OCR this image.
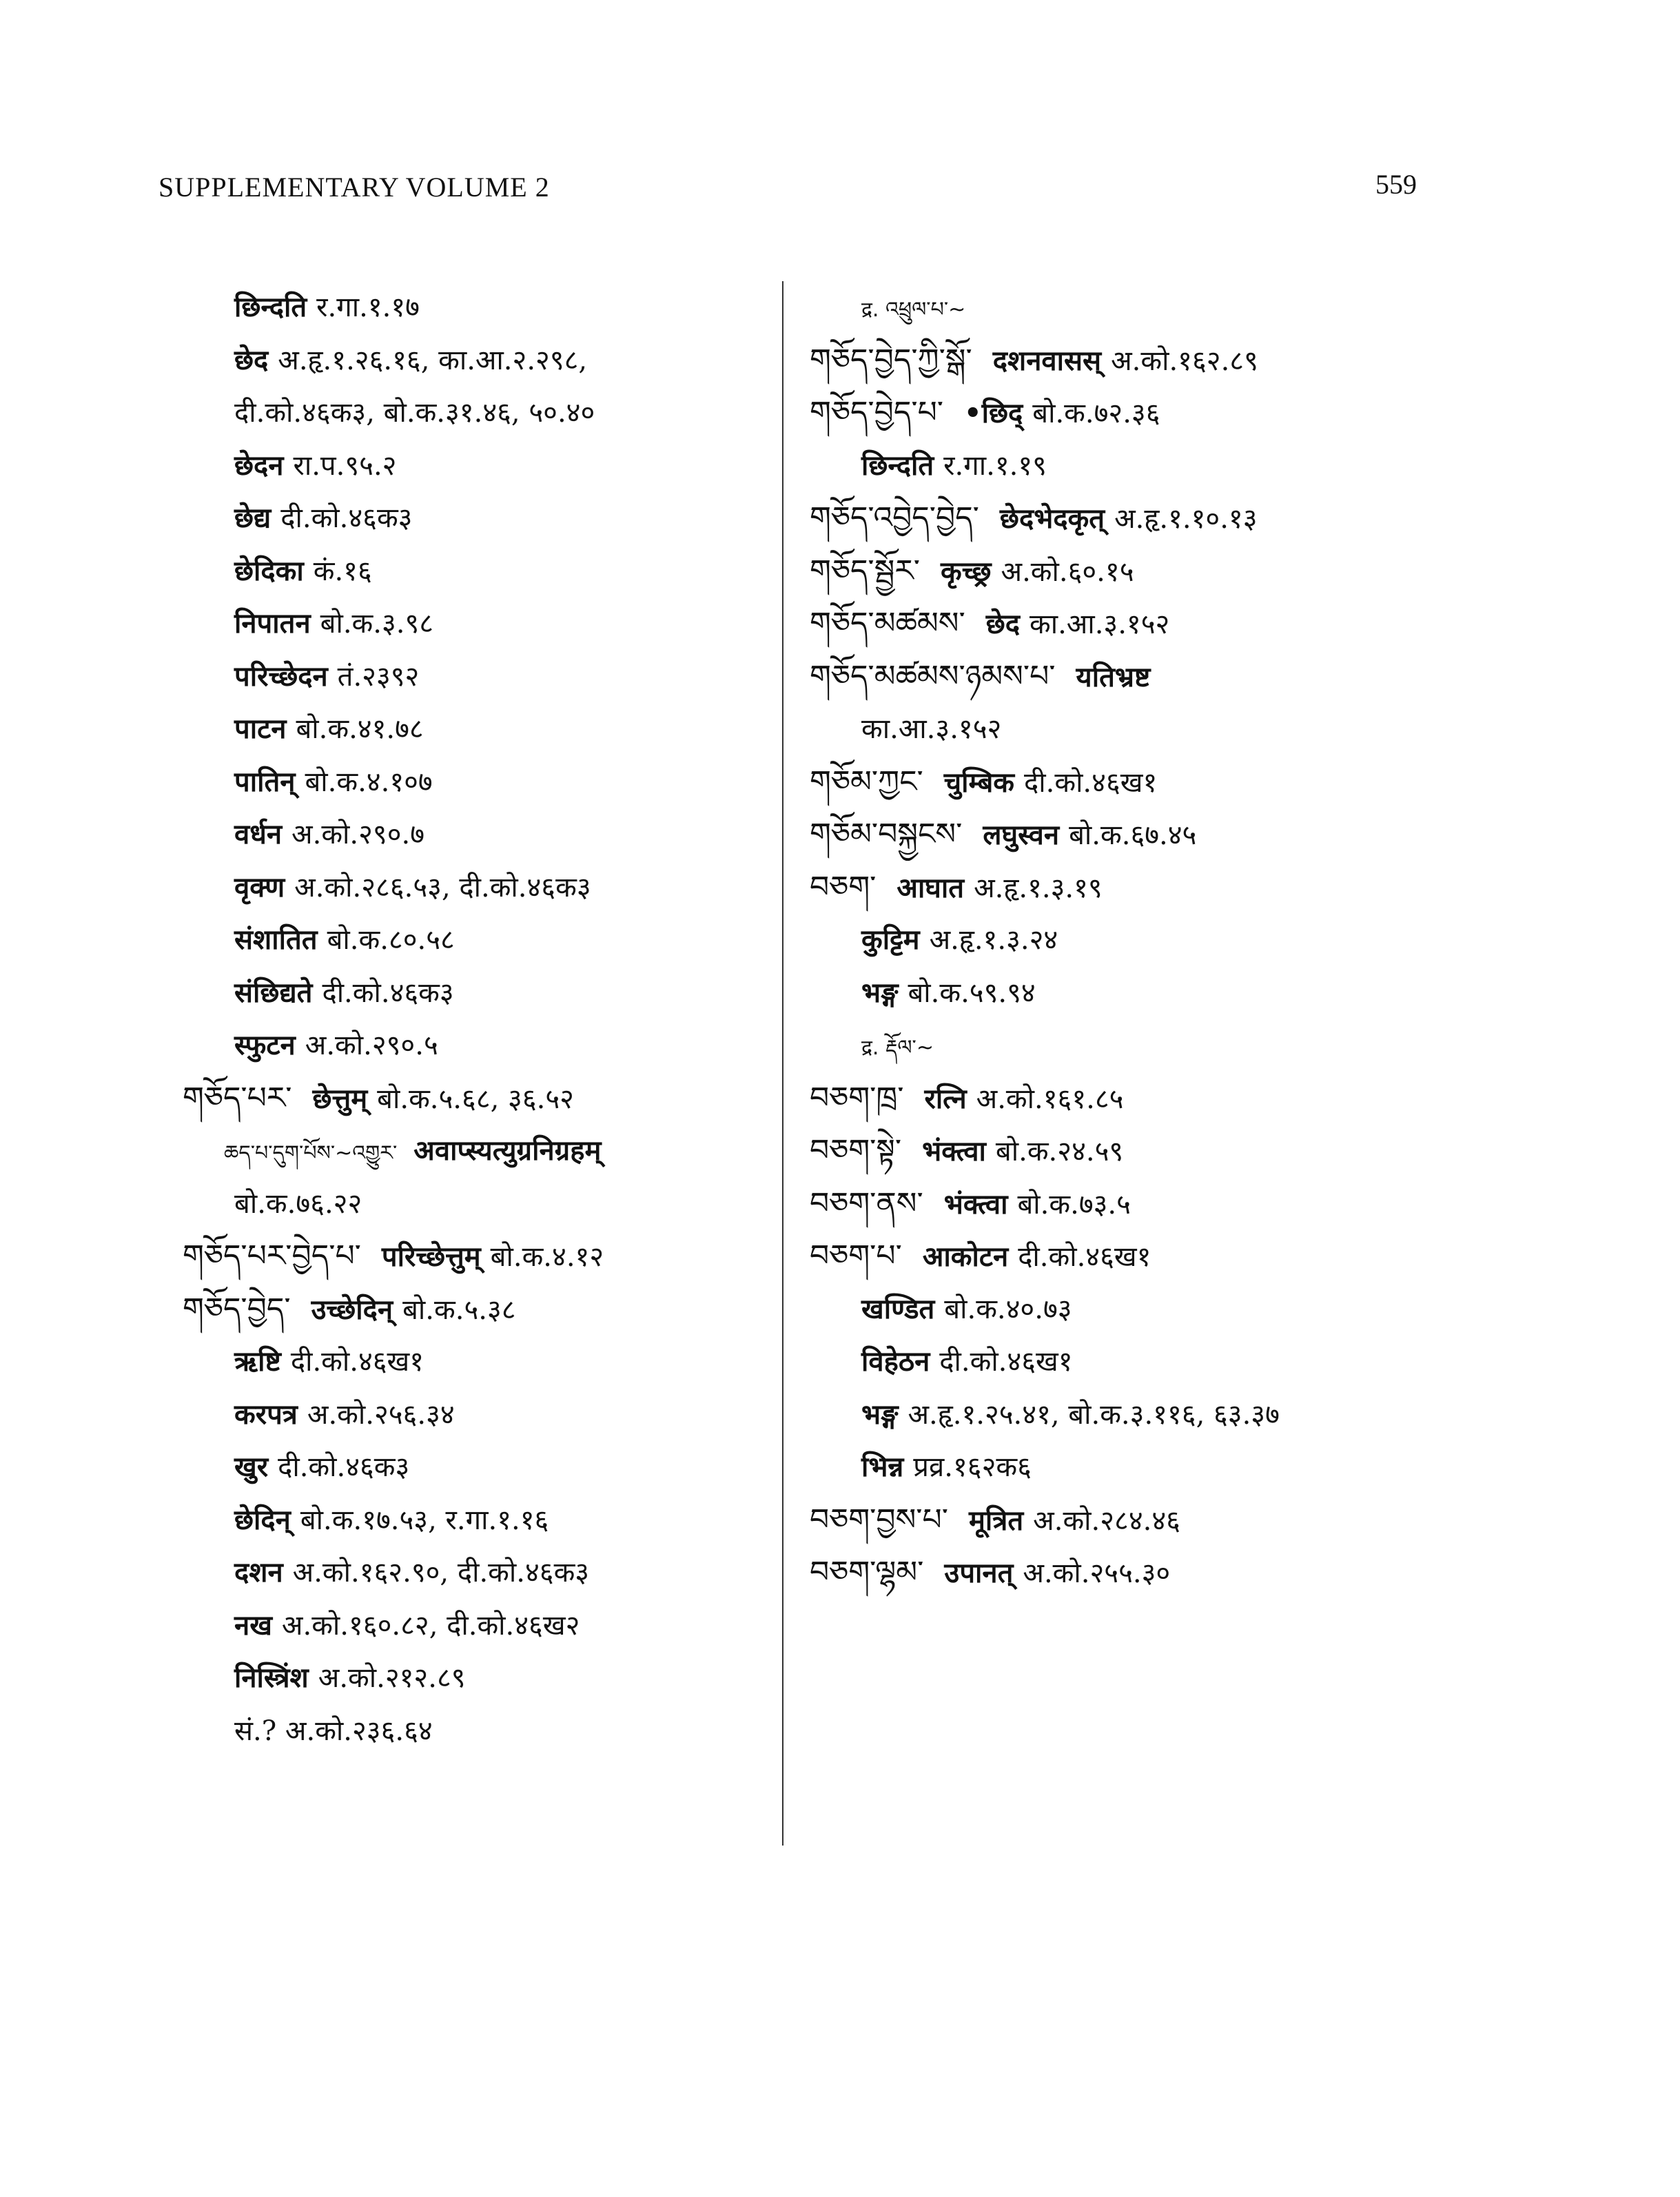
SUPPLEMENTARY VOLUME 2	559
छिन्दति र.गा.१.१७
छेद अ.हृ.१.२६.१६, का.आ.२.२९८,
दी.को.४६क३, बो.क.३१.४६, ५०.४०
छेदन रा.प.९५.२
छेद्य दी.को.४६क३
छेदिका कं.१६
निपातन बो.क.३.९८
परिच्छेदन तं.२३९२
पाटन बो.क.४१.७८
पातिन् बो.क.४.१०७
वर्धन अ.को.२९०.७
वृक्ण अ.को.२८६.५३, दी.को.४६क३
संशातित बो.क.८०.५८
संछिद्यते दी.को.४६क३
स्फुटन अ.को.२९०.५
གཅོད་པར་ छेत्तुम् बो.क.५.६८, ३६.५२
ཆད་པ་དུག་པོས་~འགྱུར་ अवाप्स्यत्युग्रनिग्रहम्
बो.क.७६.२२
གཅོད་པར་བྱེད་པ་ परिच्छेत्तुम् बो.क.४.१२
གཅོད་བྱེད་ उच्छेदिन् बो.क.५.३८
ऋष्टि दी.को.४६ख१
करपत्र अ.को.२५६.३४
खुर दी.को.४६क३
छेदिन् बो.क.१७.५३, र.गा.१.१६
दशन अ.को.१६२.९०, दी.को.४६क३
नख अ.को.१६०.८२, दी.को.४६ख२
निस्त्रिंश अ.को.२१२.८९
सं.? अ.को.२३६.६४
द्र. འཕྲུལ་པ་~
གཅོད་བྱེད་ཀྱི་སྒོ་ दशनवासस् अ.को.१६२.८९
གཅོད་བྱེད་པ་ •छिद् बो.क.७२.३६
छिन्दति र.गा.१.१९
གཅོད་འབྱེད་བྱེད་ छेदभेदकृत् अ.हृ.१.१०.१३
གཅོད་སྦྱོར་ कृच्छ्र अ.को.६०.१५
གཅོད་མཚམས་ छेद का.आ.३.१५२
གཅོད་མཚམས་ཉམས་པ་ यतिभ्रष्ट
का.आ.३.१५२
གཅོམ་ཀྱང་ चुम्बिक दी.को.४६ख१
གཅོམ་བསྐྱངས་ लघुस्वन बो.क.६७.४५
བཅག་ आघात अ.हृ.१.३.१९
कुट्टिम अ.हृ.१.३.२४
भङ्ग बो.क.५९.९४
द्र. རྡོལ་~
བཅག་ཁྲ་ रत्नि अ.को.१६१.८५
བཅག་སྟེ་ भंक्त्वा बो.क.२४.५९
བཅག་ནས་ भंक्त्वा बो.क.७३.५
བཅག་པ་ आकोटन दी.को.४६ख१
खण्डित बो.क.४०.७३
विहेठन दी.को.४६ख१
भङ्ग अ.हृ.१.२५.४१, बो.क.३.११६, ६३.३७
भिन्न प्रव्र.१६२क६
བཅག་བྱས་པ་ मूत्रित अ.को.२८४.४६
བཅག་ལྷམ་ उपानत् अ.को.२५५.३०
